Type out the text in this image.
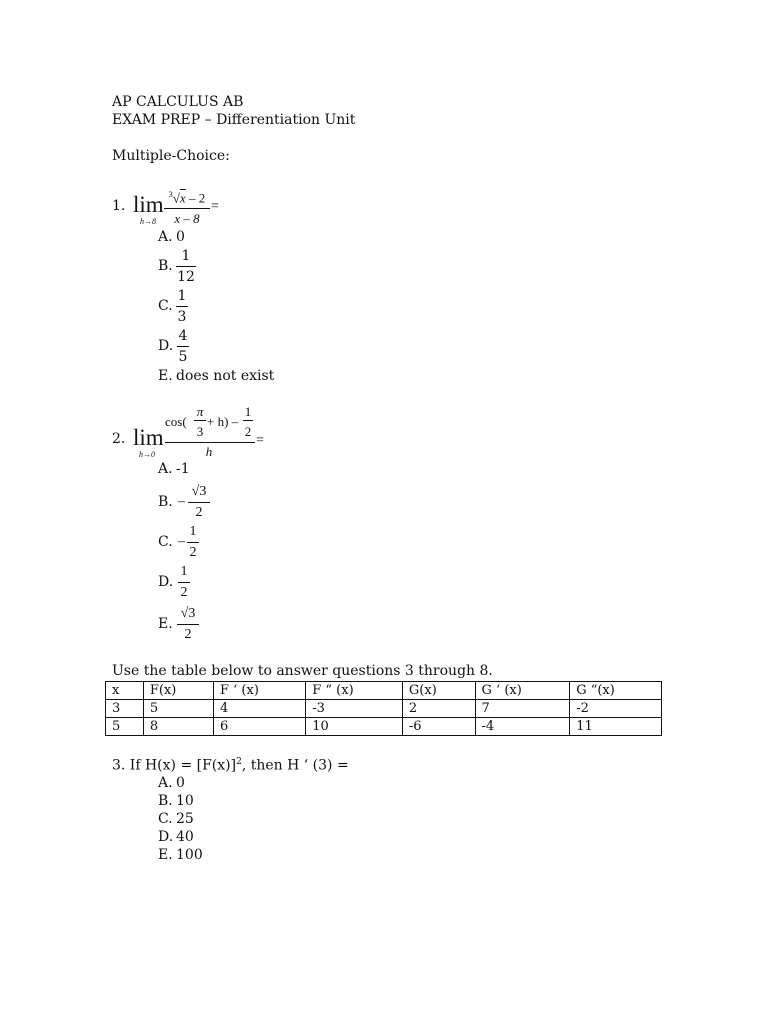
AP CALCULUS AB
EXAM PREP – Differentiation Unit
Multiple-Choice:
1. lim
h→8
$^3$√x – 2
x – 8
=
A. 0
B.
1
12
C.
1
3
D.
4
5
E. does not exist
2. lim
h→0
cos(
π
3
+ h) –
1
2
h
=
A. -1
B. –
√3
2
C. –
1
2
D.
1
2
E.
√3
2
Use the table below to answer questions 3 through 8.
x	F(x)	F ‘ (x)	F “ (x)	G(x)	G ‘ (x)	G “(x)
3	5	4	-3	2	7	-2
5	8	6	10	-6	-4	11
3. If $H(x) = [F(x)]^2$, then H ‘ (3) =
A. 0
B. 10
C. 25
D. 40
E. 100
